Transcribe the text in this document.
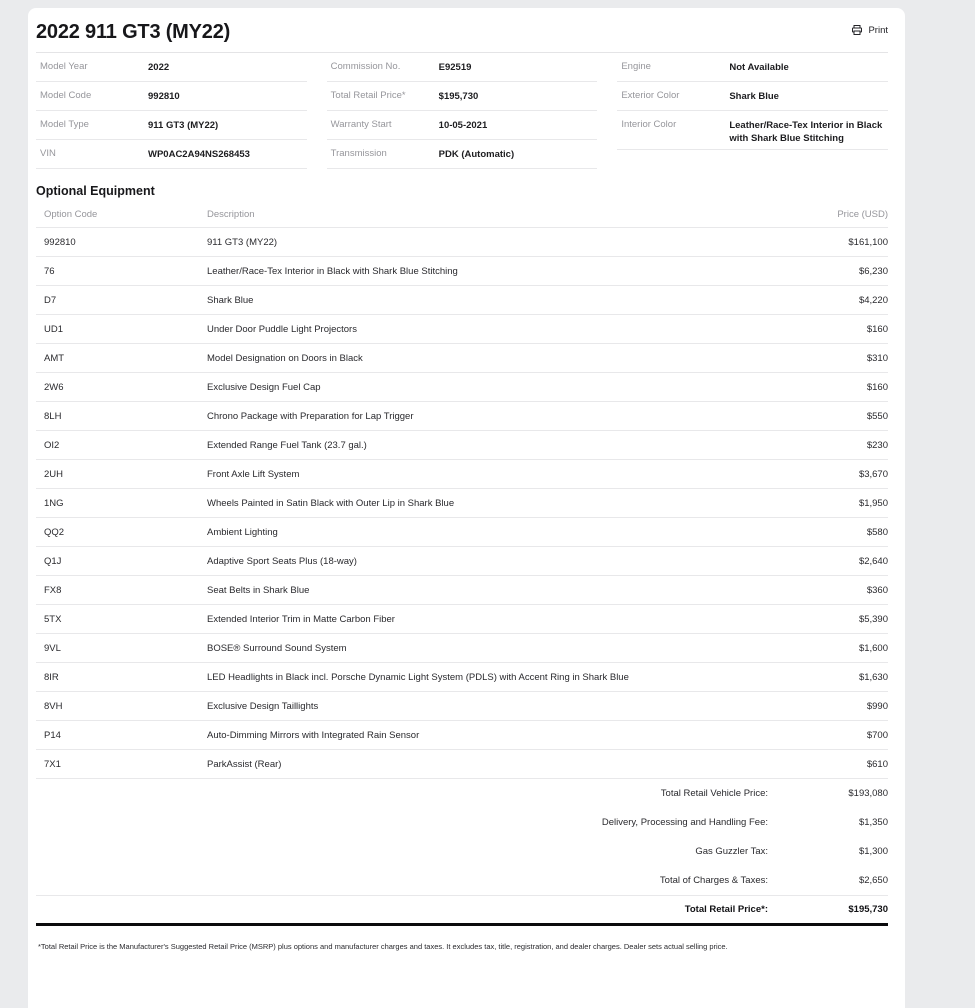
2022 911 GT3 (MY22)	Print
Model Year	2022
Model Code	992810
Model Type	911 GT3 (MY22)
VIN	WP0AC2A94NS268453
Commission No.	E92519
Total Retail Price*	$195,730
Warranty Start	10-05-2021
Transmission	PDK (Automatic)
Engine	Not Available
Exterior Color	Shark Blue
Interior Color	Leather/Race-Tex Interior in Black with Shark Blue Stitching
Optional Equipment
Option Code	Description	Price (USD)
992810	911 GT3 (MY22)	$161,100
76	Leather/Race-Tex Interior in Black with Shark Blue Stitching	$6,230
D7	Shark Blue	$4,220
UD1	Under Door Puddle Light Projectors	$160
AMT	Model Designation on Doors in Black	$310
2W6	Exclusive Design Fuel Cap	$160
8LH	Chrono Package with Preparation for Lap Trigger	$550
OI2	Extended Range Fuel Tank (23.7 gal.)	$230
2UH	Front Axle Lift System	$3,670
1NG	Wheels Painted in Satin Black with Outer Lip in Shark Blue	$1,950
QQ2	Ambient Lighting	$580
Q1J	Adaptive Sport Seats Plus (18-way)	$2,640
FX8	Seat Belts in Shark Blue	$360
5TX	Extended Interior Trim in Matte Carbon Fiber	$5,390
9VL	BOSE® Surround Sound System	$1,600
8IR	LED Headlights in Black incl. Porsche Dynamic Light System (PDLS) with Accent Ring in Shark Blue	$1,630
8VH	Exclusive Design Taillights	$990
P14	Auto-Dimming Mirrors with Integrated Rain Sensor	$700
7X1	ParkAssist (Rear)	$610
Total Retail Vehicle Price:	$193,080
Delivery, Processing and Handling Fee:	$1,350
Gas Guzzler Tax:	$1,300
Total of Charges & Taxes:	$2,650
Total Retail Price*:	$195,730

*Total Retail Price is the Manufacturer's Suggested Retail Price (MSRP) plus options and manufacturer charges and taxes. It excludes tax, title, registration, and dealer charges. Dealer sets actual selling price.
